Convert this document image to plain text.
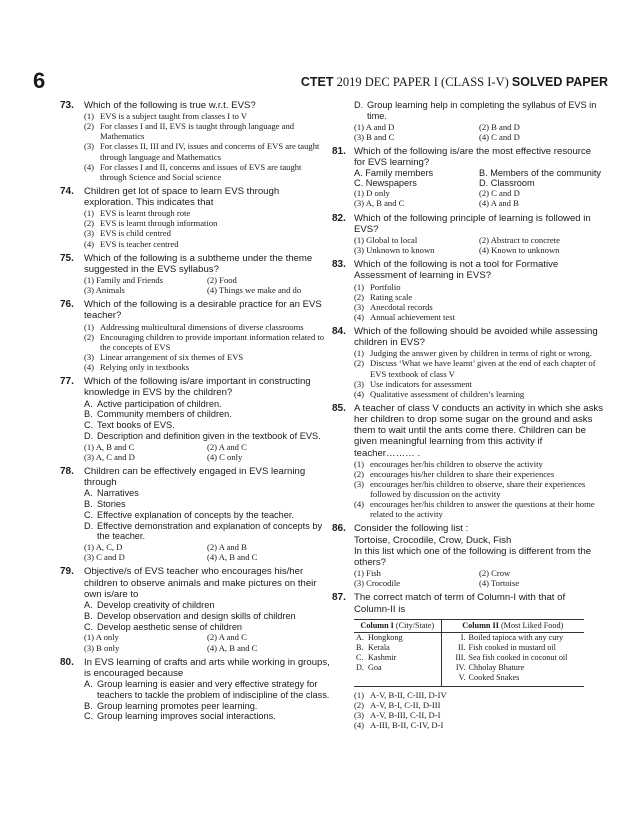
6	CTET 2019 DEC PAPER I (CLASS I-V) SOLVED PAPER
73.	Which of the following is true w.r.t. EVS?
(1) EVS is a subject taught from classes I to V
(2) For classes I and II, EVS is taught through language and Mathematics
(3) For classes II, III and IV, issues and concerns of EVS are taught through language and Mathematics
(4) For classes I and II, concerns and issues of EVS are taught through Science and Social science
74.	Children get lot of space to learn EVS through exploration. This indicates that
(1) EVS is learnt through rote
(2) EVS is learnt through information
(3) EVS is child centred
(4) EVS is teacher centred
75.	Which of the following is a subtheme under the theme suggested in the EVS syllabus?
(1) Family and Friends	(2) Food
(3) Animals	(4) Things we make and do
76.	Which of the following is a desirable practice for an EVS teacher?
(1) Addressing multicultural dimensions of diverse classrooms
(2) Encouraging children to provide important information related to the concepts of EVS
(3) Linear arrangement of six themes of EVS
(4) Relying only in textbooks
77.	Which of the following is/are important in constructing knowledge in EVS by the children?
A. Active participation of children.
B. Community members of children.
C. Text books of EVS.
D. Description and definition given in the textbook of EVS.
(1) A, B and C	(2) A and C
(3) A, C and D	(4) C only
78.	Children can be effectively engaged in EVS learning through
A. Narratives
B. Stories
C. Effective explanation of concepts by the teacher.
D. Effective demonstration and explanation of concepts by the teacher.
(1) A, C, D	(2) A and B
(3) C and D	(4) A, B and C
79.	Objective/s of EVS teacher who encourages his/her children to observe animals and make pictures on their own is/are to
A. Develop creativity of children
B. Develop observation and design skills of children
C. Develop aesthetic sense of children
(1) A only	(2) A and C
(3) B only	(4) A, B and C
80.	In EVS learning of crafts and arts while working in groups, is encouraged because
A. Group learning is easier and very effective strategy for teachers to tackle the problem of indiscipline of the class.
B. Group learning promotes peer learning.
C. Group learning improves social interactions.
D. Group learning help in completing the syllabus of EVS in time.
(1) A and D	(2) B and D
(3) B and C	(4) C and D
81. Which of the following is/are the most effective resource for EVS learning?
A. Family members	B. Members of the community
C. Newspapers	D. Classroom
(1) D only	(2) C and D
(3) A, B and C	(4) A and B
82. Which of the following principle of learning is followed in EVS?
(1) Global to local	(2) Abstract to concrete
(3) Unknown to known	(4) Known to unknown
83. Which of the following is not a tool for Formative Assessment of learning in EVS?
(1) Portfolio
(2) Rating scale
(3) Anecdotal records
(4) Annual achievement test
84. Which of the following should be avoided while assessing children in EVS?
(1) Judging the answer given by children in terms of right or wrong.
(2) Discuss ‘What we have learnt’ given at the end of each chapter of EVS textbook of class V
(3) Use indicators for assessment
(4) Qualitative assessment of children’s learning
85. A teacher of class V conducts an activity in which she asks her children to drop some sugar on the ground and asks them to wait until the ants come there. Children can be given meaningful learning from this activity if teacher……… .
(1) encourages her/his children to observe the activity
(2) encourages his/her children to share their experiences
(3) encourages her/his children to observe, share their experiences followed by discussion on the activity
(4) encourages her/his children to answer the questions at their home related to the activity
86. Consider the following list :
Tortoise, Crocodile, Crow, Duck, Fish
In this list which one of the following is different from the others?
(1) Fish	(2) Crow
(3) Crocodile	(4) Tortoise
87. The correct match of term of Column-I with that of Column-II is
Column I (City/State)	Column II (Most Liked Food)
A. Hongkong	I. Boiled tapioca with any cury
B. Kerala	II. Fish cooked in mustard oil
C. Kashmir	III. Sea fish cooked in coconut oil
D. Goa	IV. Chholay Bhature
	V. Cooked Snakes
(1) A-V, B-II, C-III, D-IV
(2) A-V, B-I, C-II, D-III
(3) A-V, B-III, C-II, D-I
(4) A-III, B-II, C-IV, D-I
